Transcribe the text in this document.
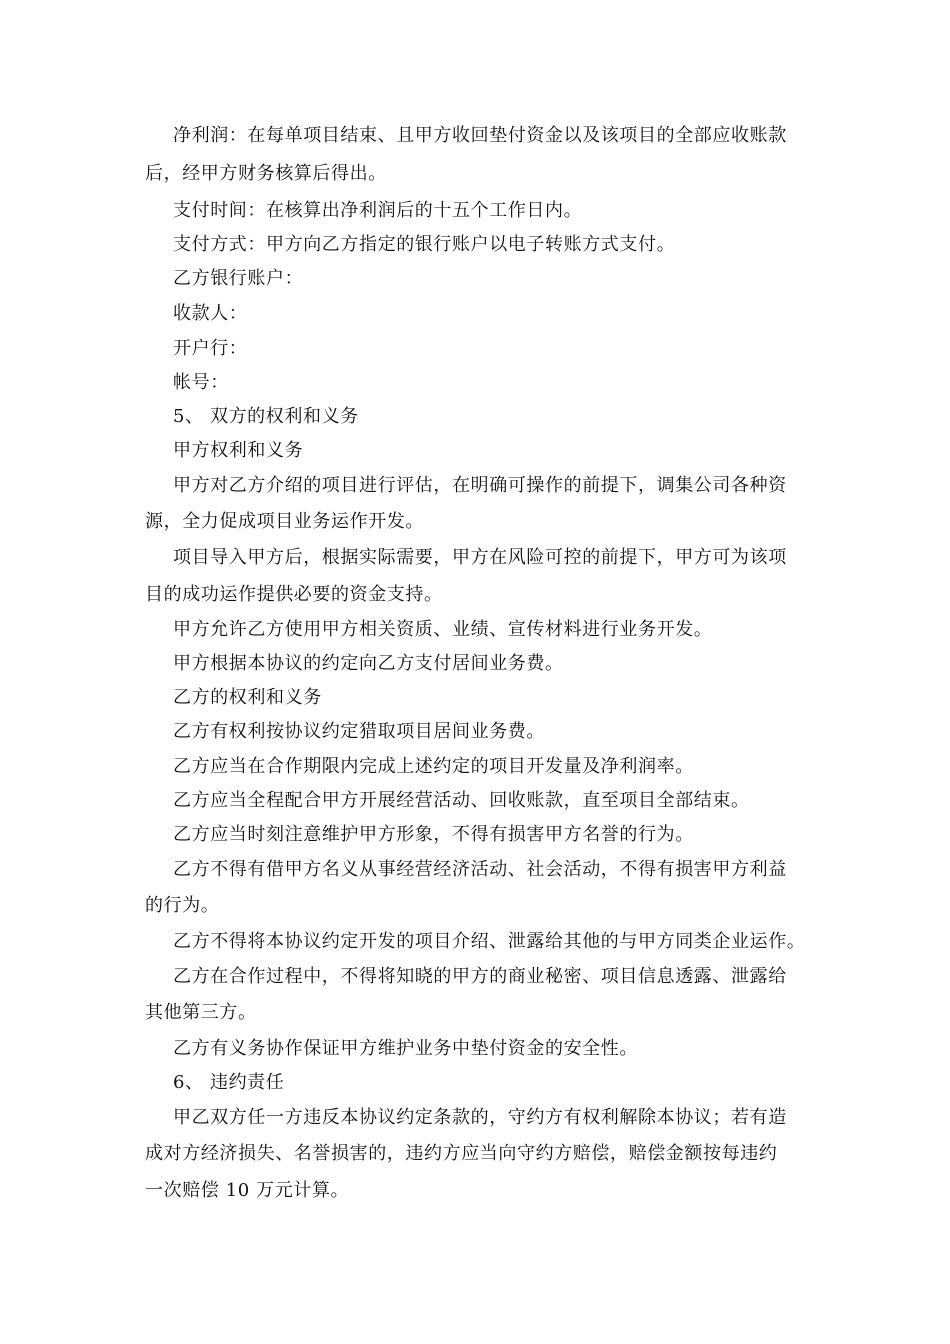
净利润：在每单项目结束、且甲方收回垫付资金以及该项目的全部应收账款
后，经甲方财务核算后得出。
支付时间：在核算出净利润后的十五个工作日内。
支付方式：甲方向乙方指定的银行账户以电子转账方式支付。
乙方银行账户：
收款人：
开户行：
帐号：
5、 双方的权利和义务
甲方权利和义务
甲方对乙方介绍的项目进行评估，在明确可操作的前提下，调集公司各种资
源，全力促成项目业务运作开发。
项目导入甲方后，根据实际需要，甲方在风险可控的前提下，甲方可为该项
目的成功运作提供必要的资金支持。
甲方允许乙方使用甲方相关资质、业绩、宣传材料进行业务开发。
甲方根据本协议的约定向乙方支付居间业务费。
乙方的权利和义务
乙方有权利按协议约定猎取项目居间业务费。
乙方应当在合作期限内完成上述约定的项目开发量及净利润率。
乙方应当全程配合甲方开展经营活动、回收账款，直至项目全部结束。
乙方应当时刻注意维护甲方形象，不得有损害甲方名誉的行为。
乙方不得有借甲方名义从事经营经济活动、社会活动，不得有损害甲方利益
的行为。
乙方不得将本协议约定开发的项目介绍、泄露给其他的与甲方同类企业运作。
乙方在合作过程中，不得将知晓的甲方的商业秘密、项目信息透露、泄露给
其他第三方。
乙方有义务协作保证甲方维护业务中垫付资金的安全性。
6、 违约责任
甲乙双方任一方违反本协议约定条款的，守约方有权利解除本协议；若有造
成对方经济损失、名誉损害的，违约方应当向守约方赔偿，赔偿金额按每违约
一次赔偿 10 万元计算。
